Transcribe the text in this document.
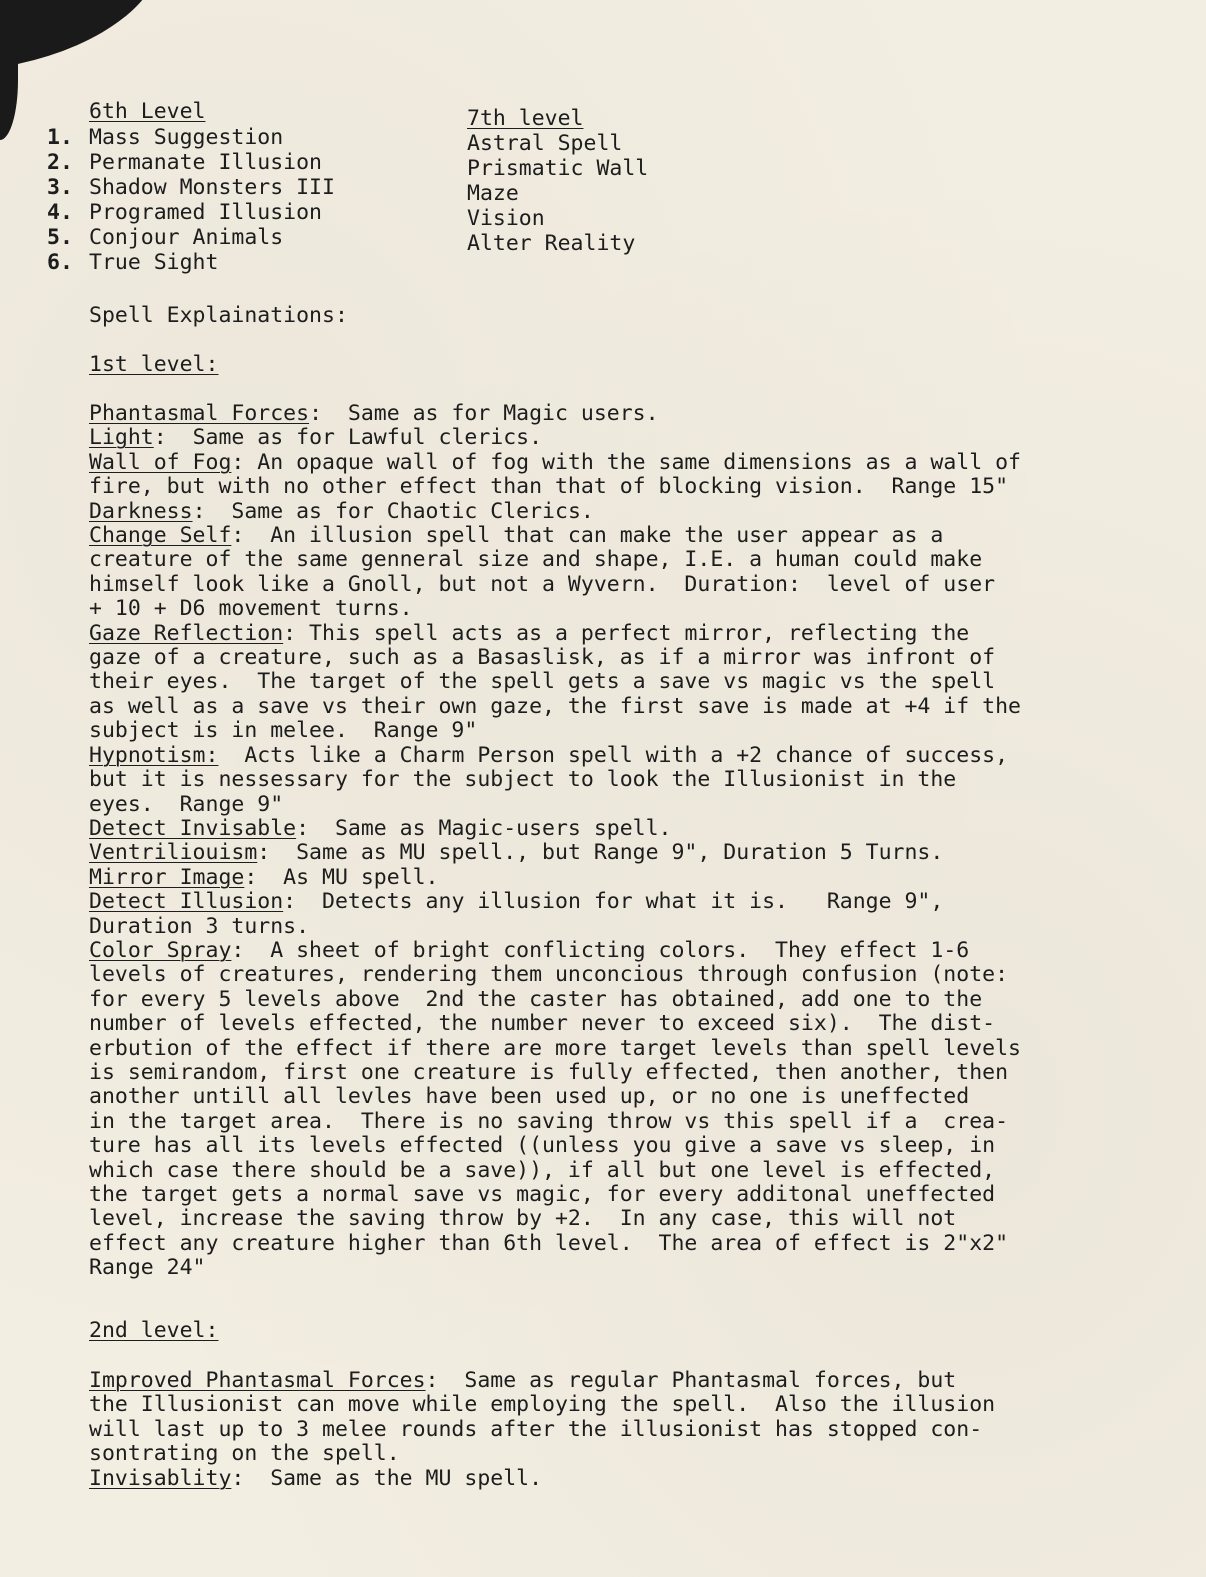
6th Level
1. Mass Suggestion
2. Permanate Illusion
3. Shadow Monsters III
4. Programed Illusion
5. Conjour Animals
6. True Sight
7th level
Astral Spell
Prismatic Wall
Maze
Vision
Alter Reality
Spell Explainations:
1st level:

Phantasmal Forces:  Same as for Magic users.

Light:  Same as for Lawful clerics.

Wall of Fog: An opaque wall of fog with the same dimensions as a wall of
fire, but with no other effect than that of blocking vision.  Range 15"

Darkness:  Same as for Chaotic Clerics.

Change Self:  An illusion spell that can make the user appear as a
creature of the same genneral size and shape, I.E. a human could make
himself look like a Gnoll, but not a Wyvern.  Duration:  level of user
+ 10 + D6 movement turns.

Gaze Reflection: This spell acts as a perfect mirror, reflecting the
gaze of a creature, such as a Basaslisk, as if a mirror was infront of
their eyes.  The target of the spell gets a save vs magic vs the spell
as well as a save vs their own gaze, the first save is made at +4 if the
subject is in melee.  Range 9"

Hypnotism:  Acts like a Charm Person spell with a +2 chance of success,
but it is nessessary for the subject to look the Illusionist in the
eyes.  Range 9"

Detect Invisable:  Same as Magic-users spell.

Ventriliouism:  Same as MU spell., but Range 9", Duration 5 Turns.

Mirror Image:  As MU spell.

Detect Illusion:  Detects any illusion for what it is.   Range 9",
Duration 3 turns.

Color Spray:  A sheet of bright conflicting colors.  They effect 1-6
levels of creatures, rendering them unconcious through confusion (note:
for every 5 levels above  2nd the caster has obtained, add one to the
number of levels effected, the number never to exceed six).  The dist-
erbution of the effect if there are more target levels than spell levels
is semirandom, first one creature is fully effected, then another, then
another untill all levles have been used up, or no one is uneffected
in the target area.  There is no saving throw vs this spell if a  crea-
ture has all its levels effected ((unless you give a save vs sleep, in
which case there should be a save)), if all but one level is effected,
the target gets a normal save vs magic, for every additonal uneffected
level, increase the saving throw by +2.  In any case, this will not
effect any creature higher than 6th level.  The area of effect is 2"x2"
Range 24"

2nd level:

Improved Phantasmal Forces:  Same as regular Phantasmal forces, but
the Illusionist can move while employing the spell.  Also the illusion
will last up to 3 melee rounds after the illusionist has stopped con-
sontrating on the spell.

Invisablity:  Same as the MU spell.
